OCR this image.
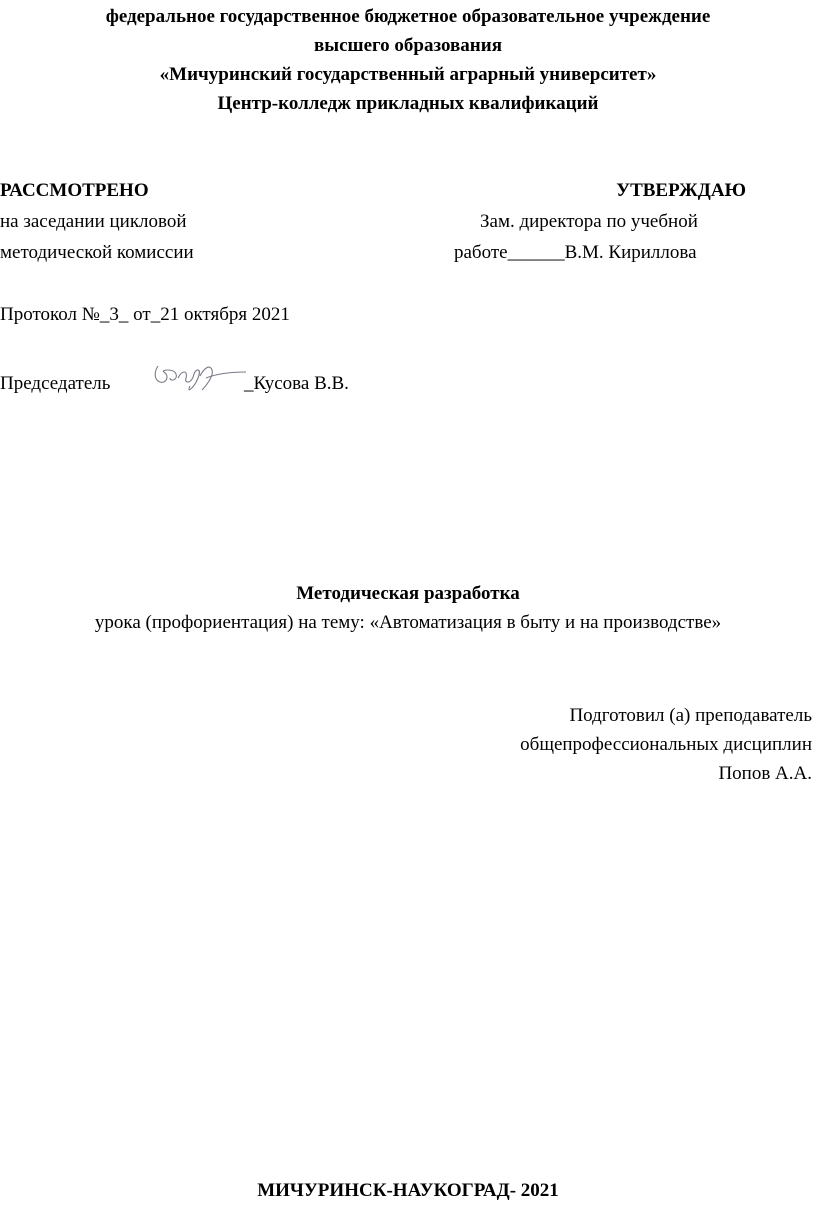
федеральное государственное бюджетное образовательное учреждение
высшего образования
«Мичуринский государственный аграрный университет»
Центр-колледж прикладных квалификаций
РАССМОТРЕНО
на заседании цикловой
методической комиссии
УТВЕРЖДАЮ
Зам. директора по учебной
работе______В.М. Кириллова
Протокол №_3_ от_21 октября 2021
Председатель	_Кусова В.В.
Методическая разработка
урока (профориентация) на тему: «Автоматизация в быту и на производстве»
Подготовил (а) преподаватель
общепрофессиональных дисциплин
Попов А.А.
МИЧУРИНСК-НАУКОГРАД- 2021
